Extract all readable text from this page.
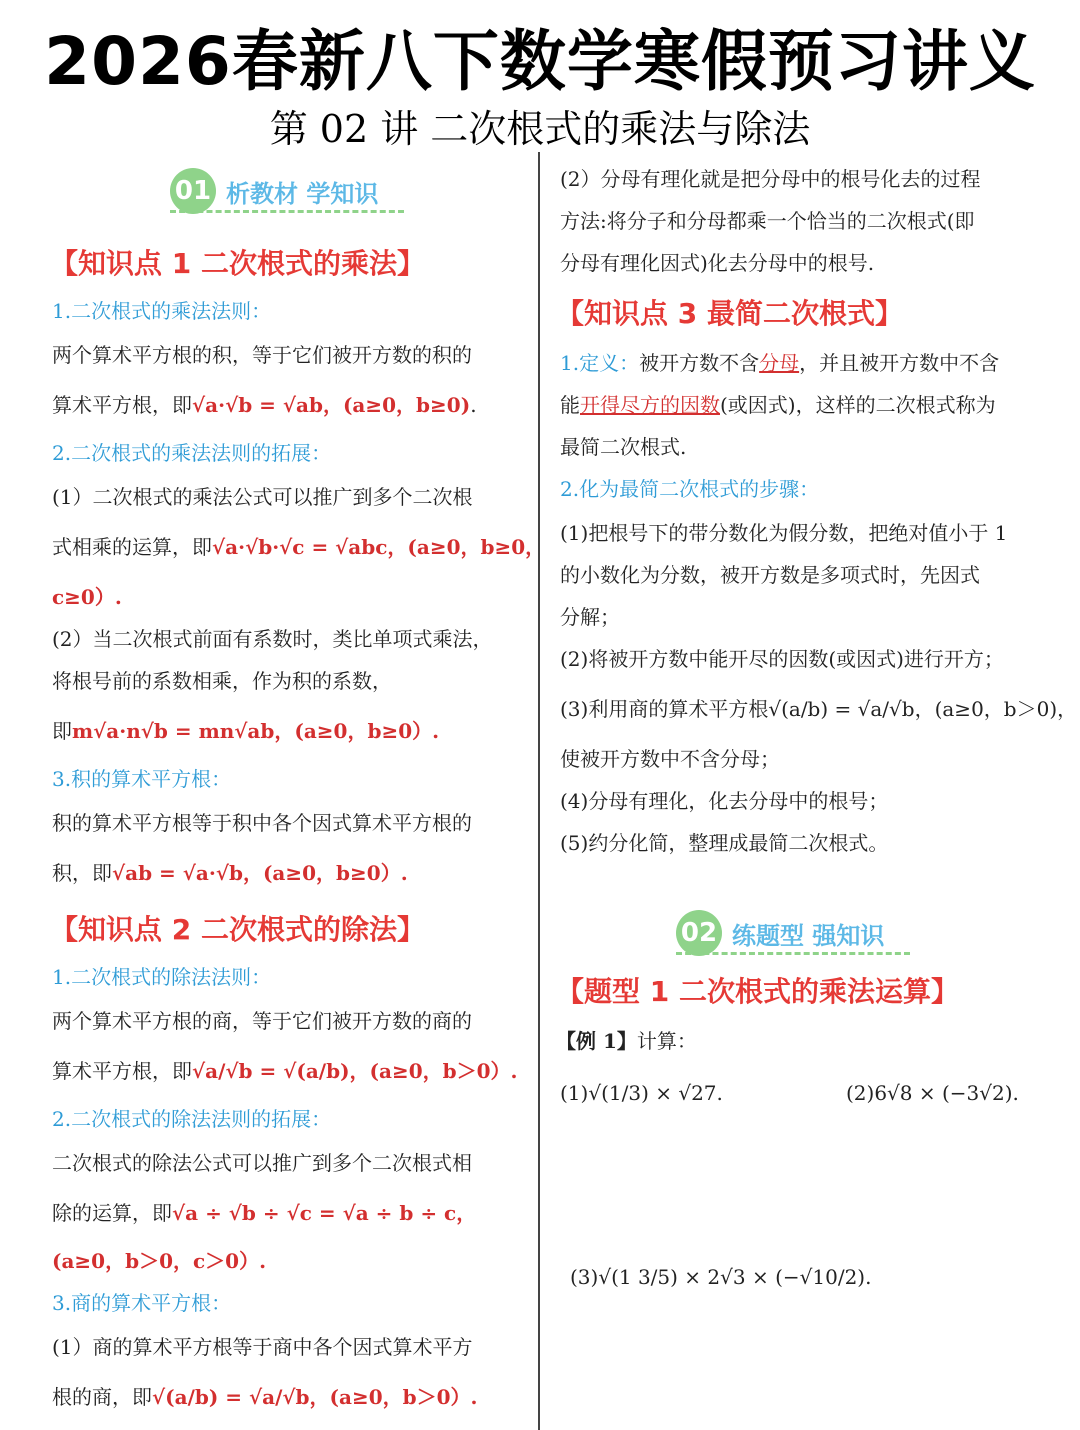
2026春新八下数学寒假预习讲义
第 02 讲 二次根式的乘法与除法
01 析教材 学知识
【知识点 1 二次根式的乘法】
1.二次根式的乘法法则：
两个算术平方根的积，等于它们被开方数的积的
算术平方根，即√a·√b = √ab，(a≥0，b≥0).
2.二次根式的乘法法则的拓展：
(1）二次根式的乘法公式可以推广到多个二次根
式相乘的运算，即√a·√b·√c = √abc，(a≥0，b≥0，
c≥0）.
(2）当二次根式前面有系数时，类比单项式乘法，
将根号前的系数相乘，作为积的系数，
即m√a·n√b = mn√ab，(a≥0，b≥0）.
3.积的算术平方根：
积的算术平方根等于积中各个因式算术平方根的
积，即√ab = √a·√b，(a≥0，b≥0）.
【知识点 2 二次根式的除法】
1.二次根式的除法法则：
两个算术平方根的商，等于它们被开方数的商的
算术平方根，即√a/√b = √(a/b)，(a≥0，b＞0）.
2.二次根式的除法法则的拓展：
二次根式的除法公式可以推广到多个二次根式相
除的运算，即√a ÷ √b ÷ √c = √a ÷ b ÷ c，
(a≥0，b＞0，c＞0）.
3.商的算术平方根：
(1）商的算术平方根等于商中各个因式算术平方
根的商，即√(a/b) = √a/√b，(a≥0，b＞0）.
(2）分母有理化就是把分母中的根号化去的过程
方法:将分子和分母都乘一个恰当的二次根式(即
分母有理化因式)化去分母中的根号.
【知识点 3 最简二次根式】
1.定义：被开方数不含分母，并且被开方数中不含
能开得尽方的因数(或因式)，这样的二次根式称为
最简二次根式.
2.化为最简二次根式的步骤：
(1)把根号下的带分数化为假分数，把绝对值小于 1
的小数化为分数，被开方数是多项式时，先因式
分解；
(2)将被开方数中能开尽的因数(或因式)进行开方；
(3)利用商的算术平方根√(a/b) = √a/√b，(a≥0，b＞0)，
使被开方数中不含分母；
(4)分母有理化，化去分母中的根号；
(5)约分化简，整理成最简二次根式。
02 练题型 强知识
【题型 1 二次根式的乘法运算】
【例 1】计算：
(1)√(1/3) × √27.	(2)6√8 × (−3√2).
(3)√(1 3/5) × 2√3 × (−√10/2).
